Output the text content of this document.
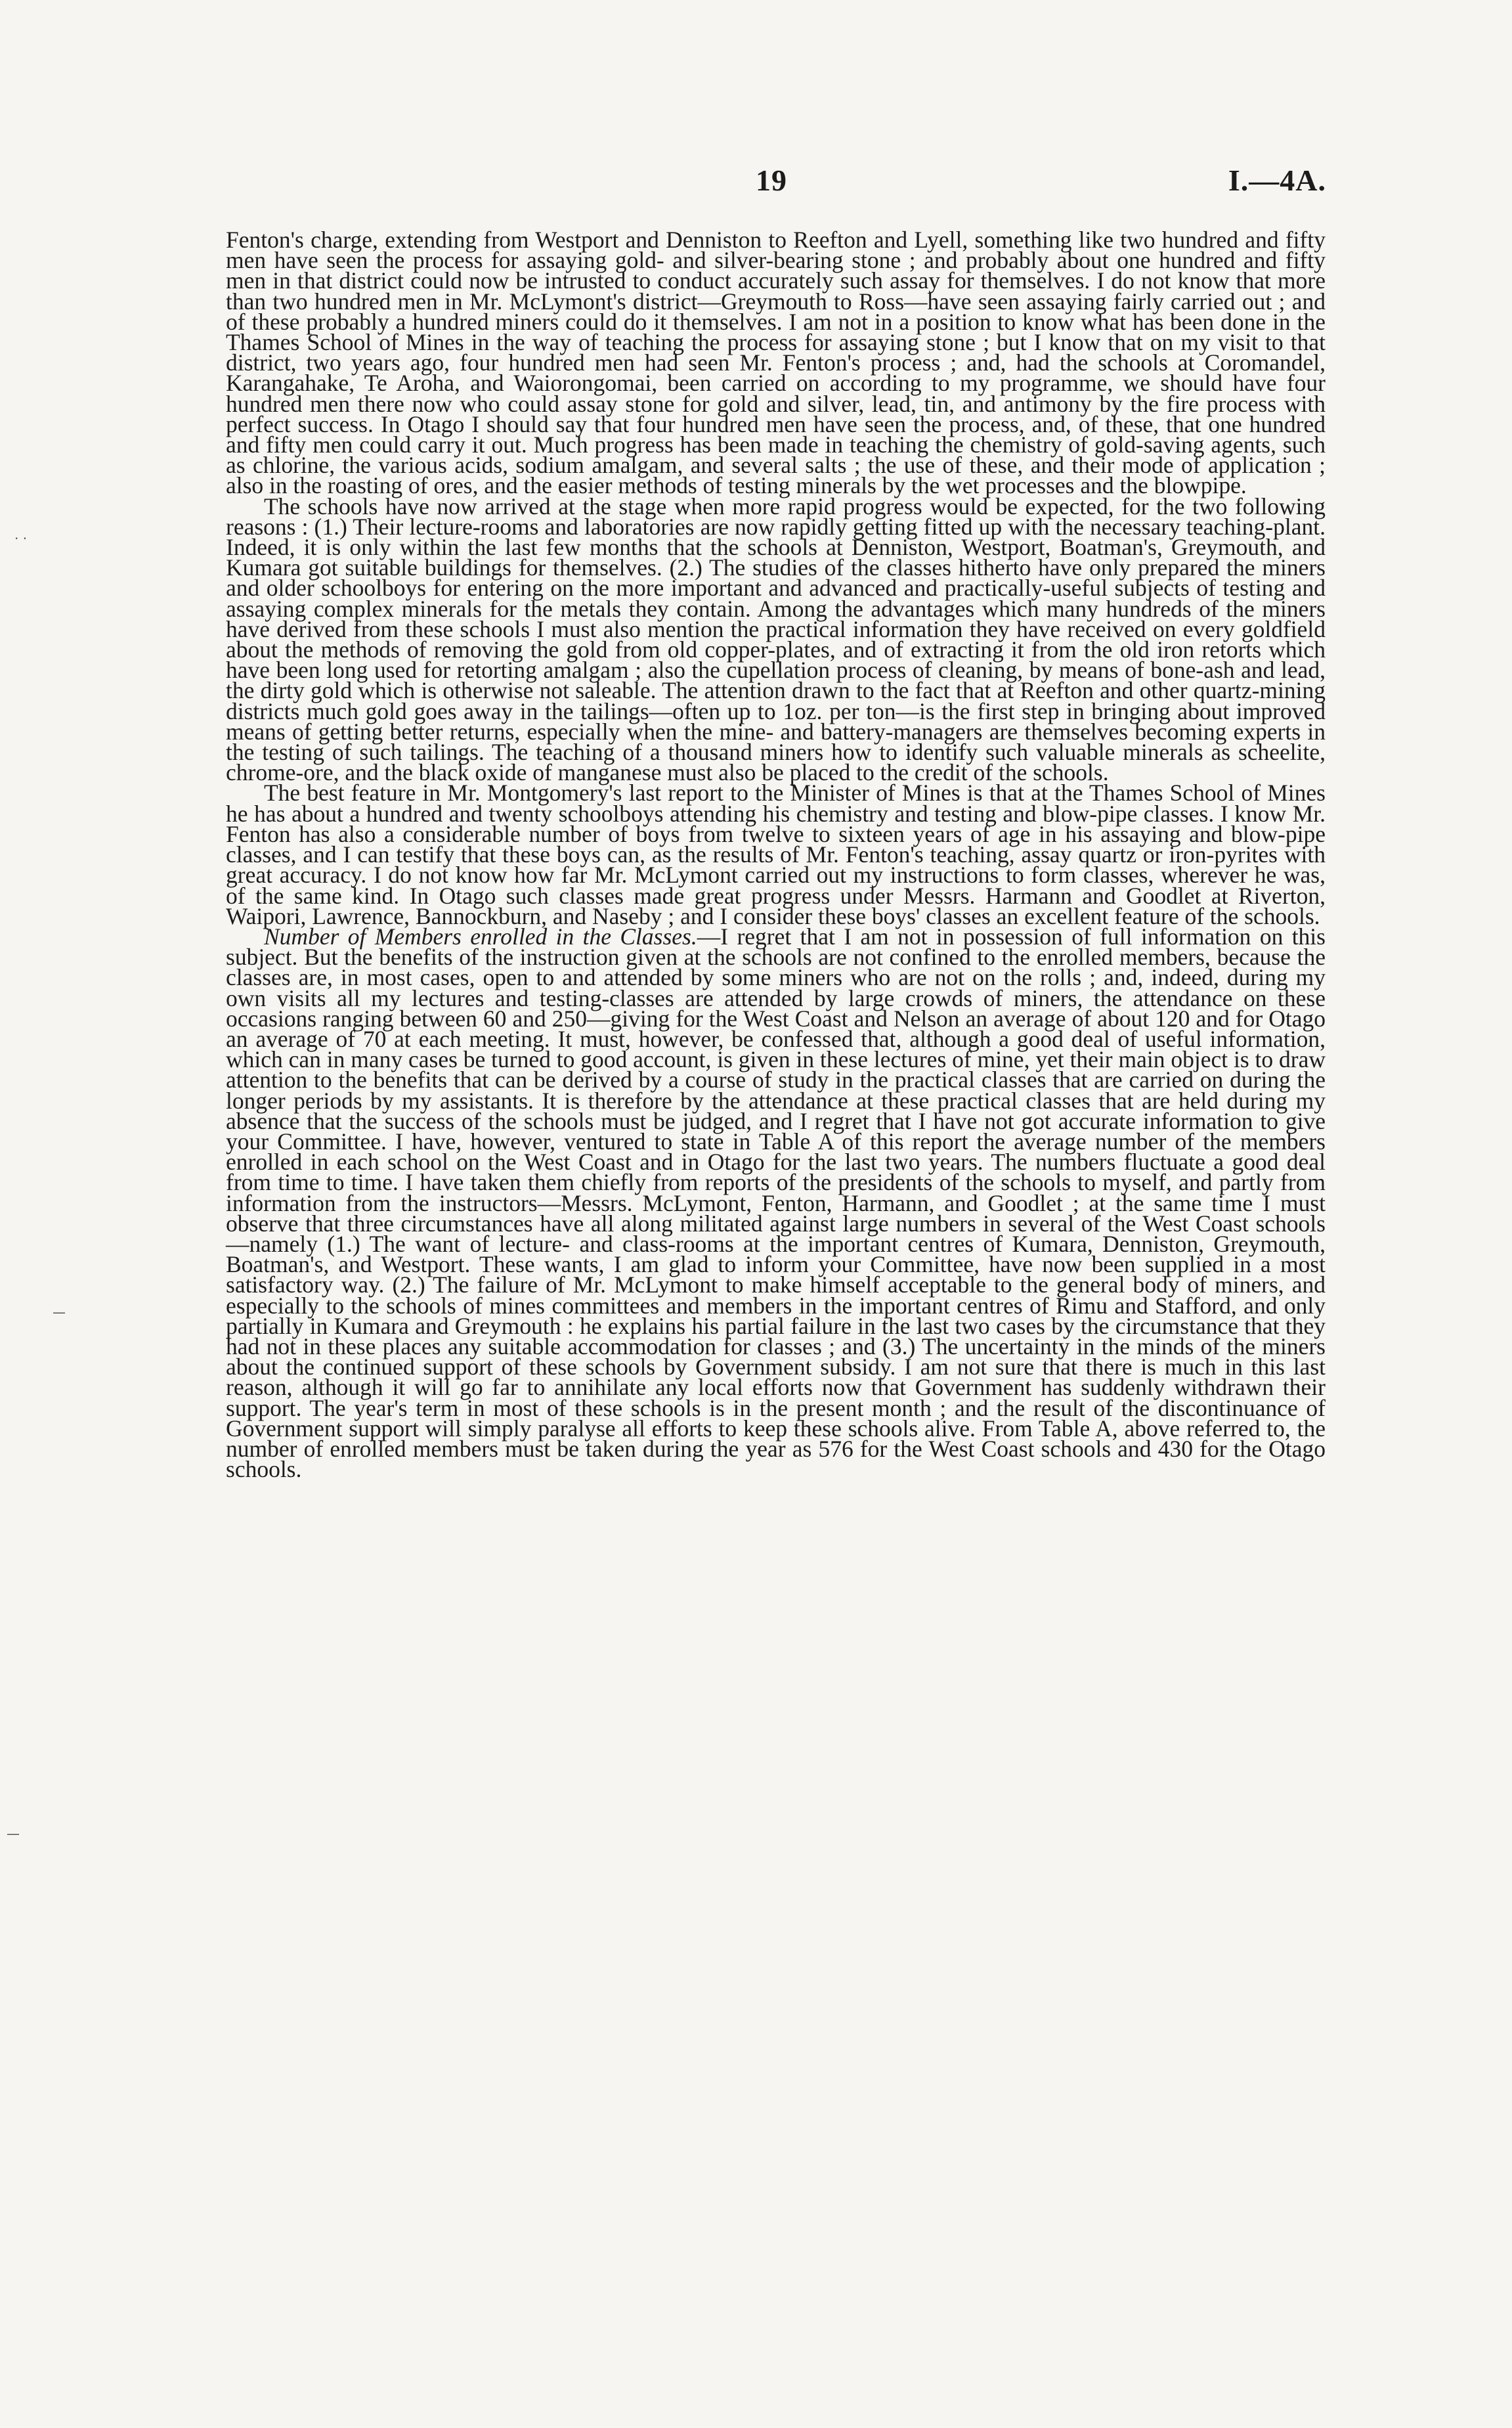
19	I.—4A.
· ·
—
—

Fenton's charge, extending from Westport and Denniston to Reefton and Lyell, something like two hundred and fifty men have seen the process for assaying gold- and silver-bearing stone ; and probably about one hundred and fifty men in that district could now be intrusted to conduct accurately such assay for themselves. I do not know that more than two hundred men in Mr. McLymont's district—Greymouth to Ross—have seen assaying fairly carried out ; and of these probably a hundred miners could do it themselves. I am not in a position to know what has been done in the Thames School of Mines in the way of teaching the process for assaying stone ; but I know that on my visit to that district, two years ago, four hundred men had seen Mr. Fenton's process ; and, had the schools at Coromandel, Karangahake, Te Aroha, and Waiorongomai, been carried on according to my programme, we should have four hundred men there now who could assay stone for gold and silver, lead, tin, and antimony by the fire process with perfect success. In Otago I should say that four hundred men have seen the process, and, of these, that one hundred and fifty men could carry it out. Much progress has been made in teaching the chemistry of gold-saving agents, such as chlorine, the various acids, sodium amalgam, and several salts ; the use of these, and their mode of application ; also in the roasting of ores, and the easier methods of testing minerals by the wet processes and the blowpipe.

The schools have now arrived at the stage when more rapid progress would be expected, for the two following reasons : (1.) Their lecture-rooms and laboratories are now rapidly getting fitted up with the necessary teaching-plant. Indeed, it is only within the last few months that the schools at Denniston, Westport, Boatman's, Greymouth, and Kumara got suitable buildings for themselves. (2.) The studies of the classes hitherto have only prepared the miners and older schoolboys for entering on the more important and advanced and practically-useful subjects of testing and assaying complex minerals for the metals they contain. Among the advantages which many hundreds of the miners have derived from these schools I must also mention the practical information they have received on every goldfield about the methods of removing the gold from old copper-plates, and of extracting it from the old iron retorts which have been long used for retorting amalgam ; also the cupellation process of cleaning, by means of bone-ash and lead, the dirty gold which is otherwise not saleable. The attention drawn to the fact that at Reefton and other quartz-mining districts much gold goes away in the tailings—often up to 1oz. per ton—is the first step in bringing about improved means of getting better returns, especially when the mine- and battery-managers are themselves becoming experts in the testing of such tailings. The teaching of a thousand miners how to identify such valuable minerals as scheelite, chrome-ore, and the black oxide of manganese must also be placed to the credit of the schools.

The best feature in Mr. Montgomery's last report to the Minister of Mines is that at the Thames School of Mines he has about a hundred and twenty schoolboys attending his chemistry and testing and blow-pipe classes. I know Mr. Fenton has also a considerable number of boys from twelve to sixteen years of age in his assaying and blow-pipe classes, and I can testify that these boys can, as the results of Mr. Fenton's teaching, assay quartz or iron-pyrites with great accuracy. I do not know how far Mr. McLymont carried out my instructions to form classes, wherever he was, of the same kind. In Otago such classes made great progress under Messrs. Harmann and Goodlet at Riverton, Waipori, Lawrence, Bannockburn, and Naseby ; and I consider these boys' classes an excellent feature of the schools.

Number of Members enrolled in the Classes.—I regret that I am not in possession of full information on this subject. But the benefits of the instruction given at the schools are not confined to the enrolled members, because the classes are, in most cases, open to and attended by some miners who are not on the rolls ; and, indeed, during my own visits all my lectures and testing-classes are attended by large crowds of miners, the attendance on these occasions ranging between 60 and 250—giving for the West Coast and Nelson an average of about 120 and for Otago an average of 70 at each meeting. It must, however, be confessed that, although a good deal of useful information, which can in many cases be turned to good account, is given in these lectures of mine, yet their main object is to draw attention to the benefits that can be derived by a course of study in the practical classes that are carried on during the longer periods by my assistants. It is therefore by the attendance at these practical classes that are held during my absence that the success of the schools must be judged, and I regret that I have not got accurate information to give your Committee. I have, however, ventured to state in Table A of this report the average number of the members enrolled in each school on the West Coast and in Otago for the last two years. The numbers fluctuate a good deal from time to time. I have taken them chiefly from reports of the presidents of the schools to myself, and partly from information from the instructors—Messrs. McLymont, Fenton, Harmann, and Goodlet ; at the same time I must observe that three circumstances have all along militated against large numbers in several of the West Coast schools—namely (1.) The want of lecture- and class-rooms at the important centres of Kumara, Denniston, Greymouth, Boatman's, and Westport. These wants, I am glad to inform your Committee, have now been supplied in a most satisfactory way. (2.) The failure of Mr. McLymont to make himself acceptable to the general body of miners, and especially to the schools of mines committees and members in the important centres of Rimu and Stafford, and only partially in Kumara and Greymouth : he explains his partial failure in the last two cases by the circumstance that they had not in these places any suitable accommodation for classes ; and (3.) The uncertainty in the minds of the miners about the continued support of these schools by Government subsidy. I am not sure that there is much in this last reason, although it will go far to annihilate any local efforts now that Government has suddenly withdrawn their support. The year's term in most of these schools is in the present month ; and the result of the discontinuance of Government support will simply paralyse all efforts to keep these schools alive. From Table A, above referred to, the number of enrolled members must be taken during the year as 576 for the West Coast schools and 430 for the Otago schools.
